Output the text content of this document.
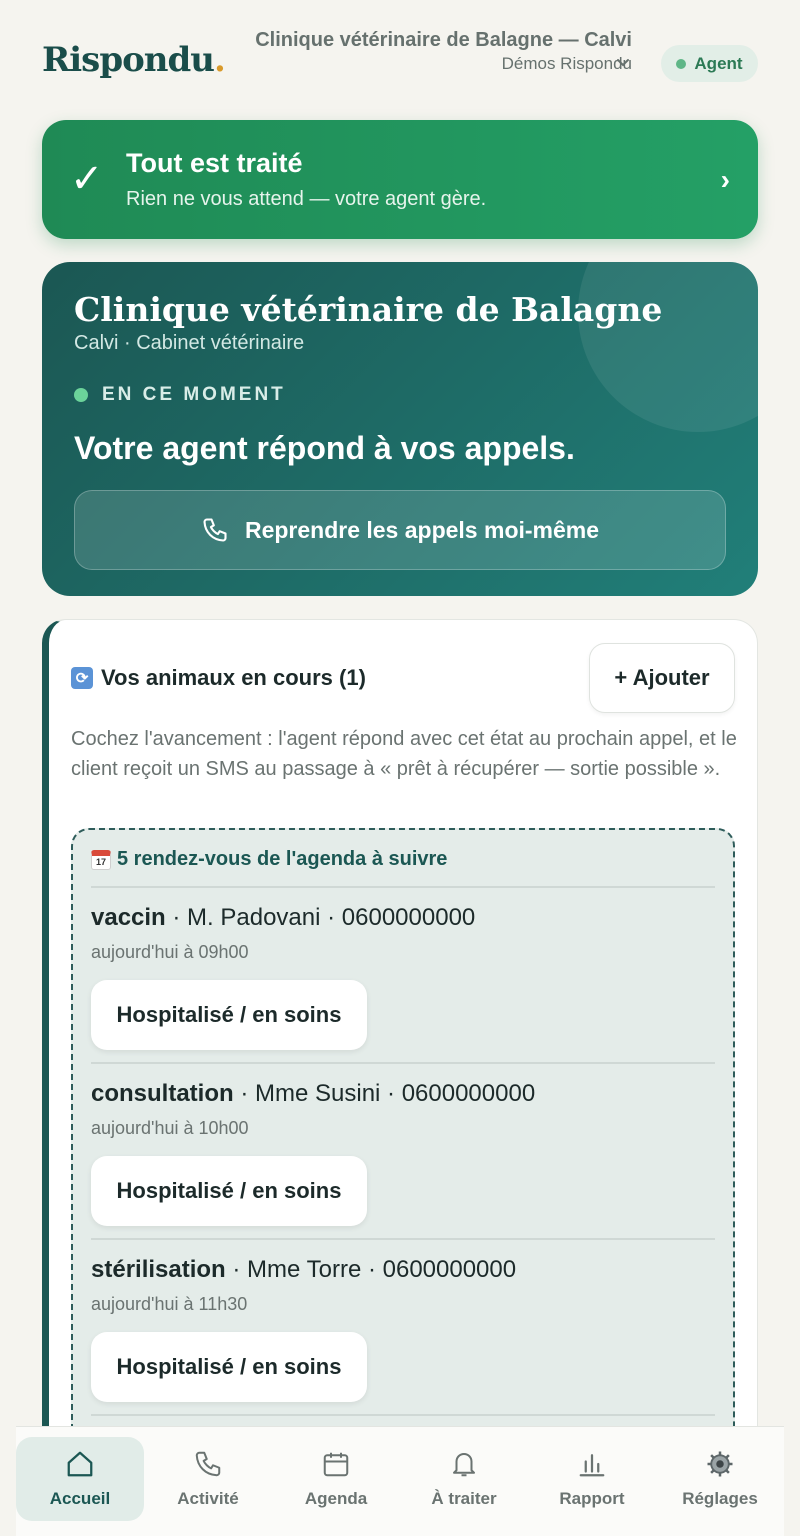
Rispondu. Clinique vétérinaire de Balagne — Calvi
Démos Rispondu	Agent
✓ Tout est traité
Rien ne vous attend — votre agent gère.
›
Clinique vétérinaire de Balagne
Calvi · Cabinet vétérinaire
EN CE MOMENT
Votre agent répond à vos appels.
Reprendre les appels moi-même
⟳ Vos animaux en cours (1)	+ Ajouter
Cochez l'avancement : l'agent répond avec cet état au prochain appel, et le client reçoit un SMS au passage à « prêt à récupérer — sortie possible ».
17 5 rendez-vous de l'agenda à suivre
vaccin · M. Padovani · 0600000000
aujourd'hui à 09h00
Hospitalisé / en soins
consultation · Mme Susini · 0600000000
aujourd'hui à 10h00
Hospitalisé / en soins
stérilisation · Mme Torre · 0600000000
aujourd'hui à 11h30
Hospitalisé / en soins
Accueil	Activité	Agenda	À traiter	Rapport	Réglages
